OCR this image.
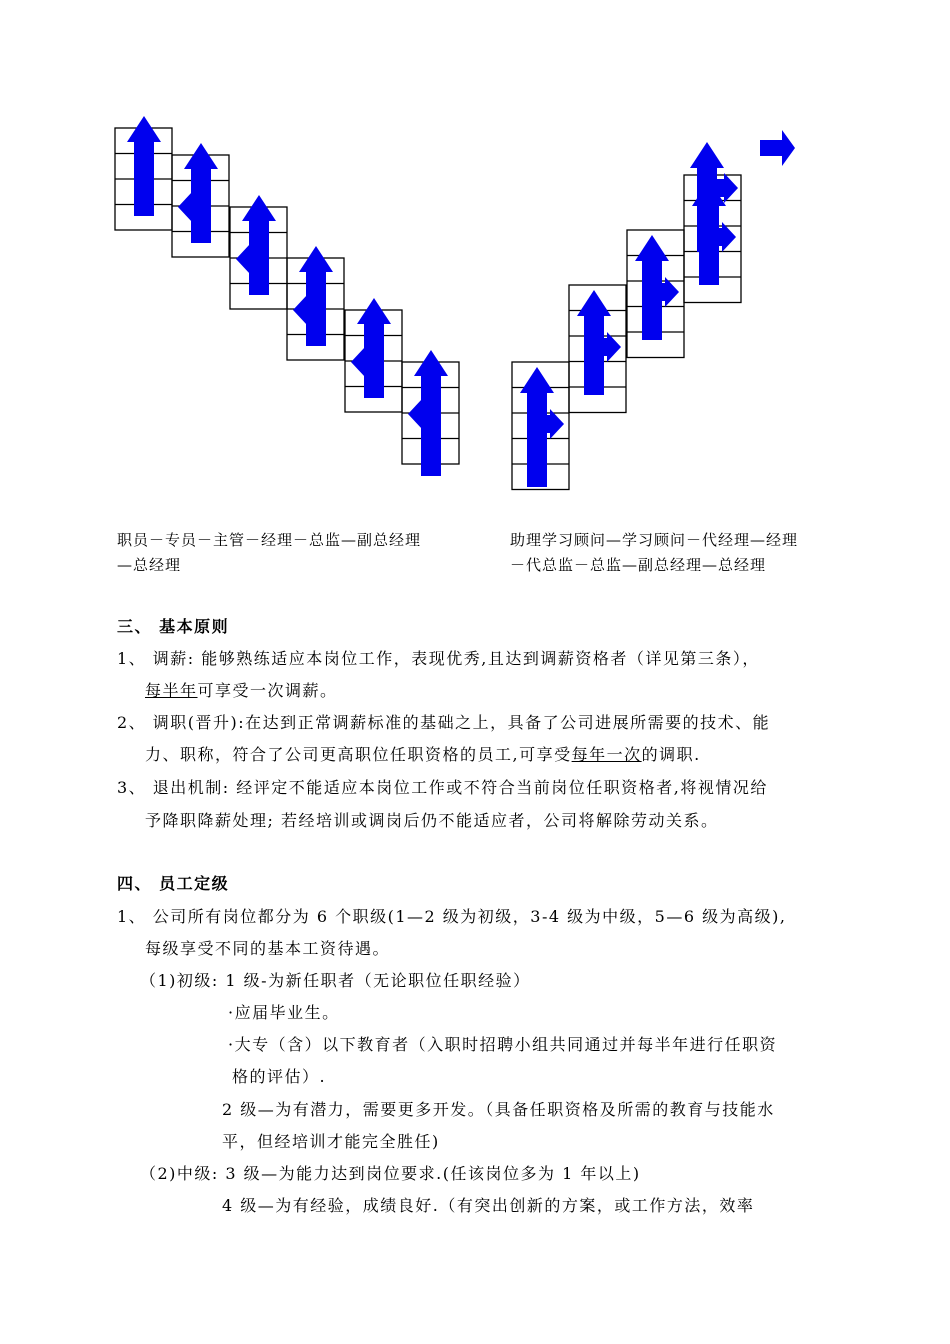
职员－专员－主管－经理－总监—副总经理
—总经理
助理学习顾问—学习顾问－代经理—经理
－代总监－总监—副总经理—总经理
三、 基本原则
1、 调薪: 能够熟练适应本岗位工作，表现优秀,且达到调薪资格者（详见第三条），
每半年可享受一次调薪。
2、 调职(晋升):在达到正常调薪标准的基础之上，具备了公司进展所需要的技术、能
力、职称，符合了公司更高职位任职资格的员工,可享受每年一次的调职.
3、 退出机制: 经评定不能适应本岗位工作或不符合当前岗位任职资格者,将视情况给
予降职降薪处理; 若经培训或调岗后仍不能适应者，公司将解除劳动关系。
四、 员工定级
1、 公司所有岗位都分为 6 个职级(1—2 级为初级，3-4 级为中级，5—6 级为高级),
每级享受不同的基本工资待遇。
（1)初级: 1 级-为新任职者（无论职位任职经验）
·应届毕业生。
·大专（含）以下教育者（入职时招聘小组共同通过并每半年进行任职资
格的评估）.
2 级—为有潜力，需要更多开发。（具备任职资格及所需的教育与技能水
平，但经培训才能完全胜任)
（2)中级: 3 级—为能力达到岗位要求.(任该岗位多为 1 年以上)
4 级—为有经验，成绩良好.（有突出创新的方案，或工作方法，效率
